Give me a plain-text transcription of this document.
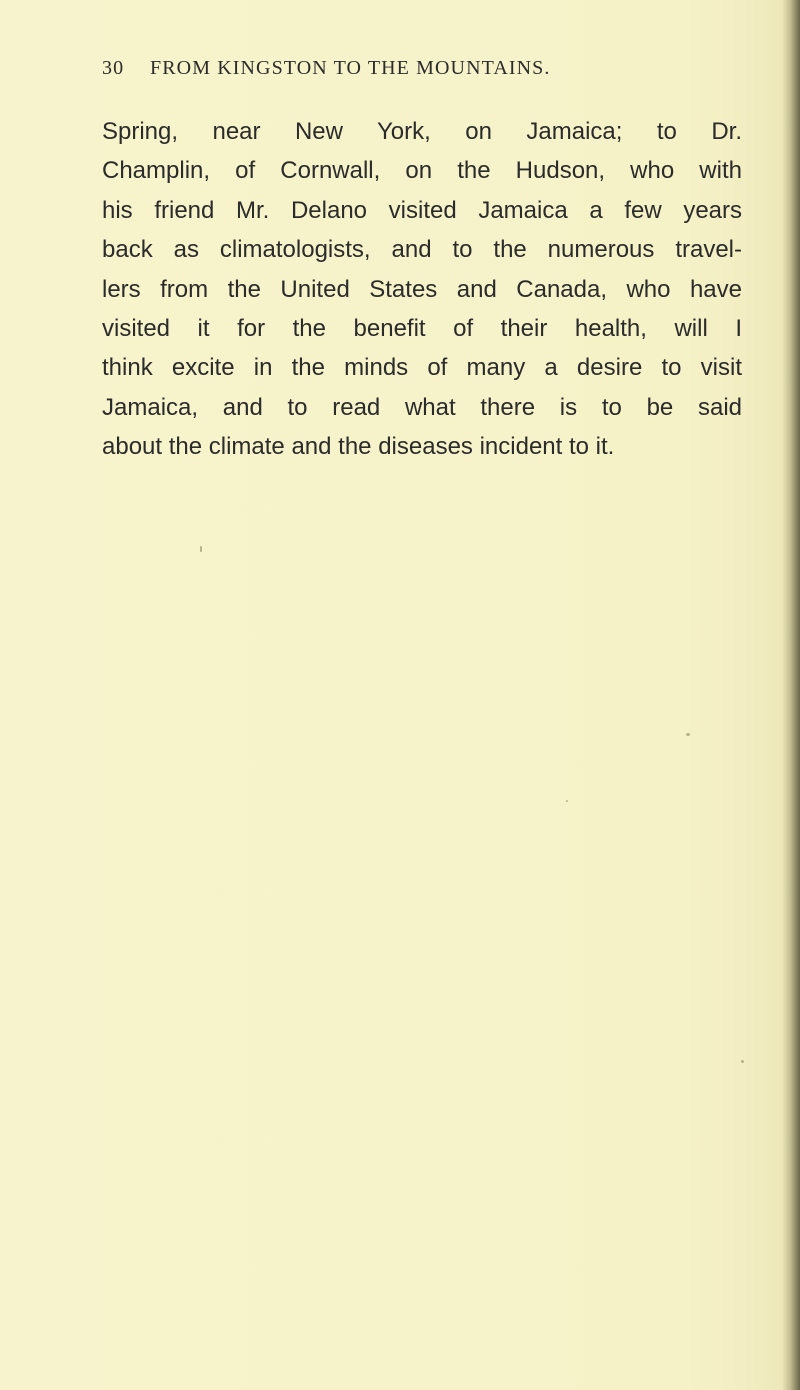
30 FROM KINGSTON TO THE MOUNTAINS.
Spring, near New York, on Jamaica; to Dr.
Champlin, of Cornwall, on the Hudson, who with
his friend Mr. Delano visited Jamaica a few years
back as climatologists, and to the numerous travel-
lers from the United States and Canada, who have
visited it for the benefit of their health, will I
think excite in the minds of many a desire to visit
Jamaica, and to read what there is to be said
about the climate and the diseases incident to it.
